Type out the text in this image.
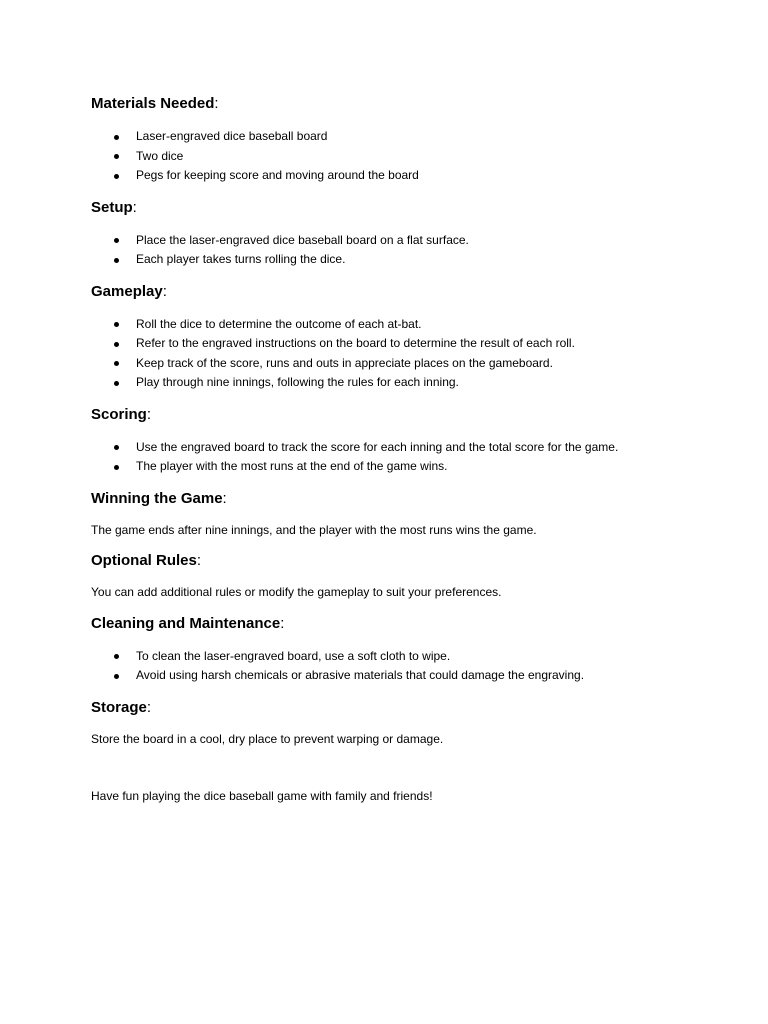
Materials Needed:
Laser-engraved dice baseball board
Two dice
Pegs for keeping score and moving around the board
Setup:
Place the laser-engraved dice baseball board on a flat surface.
Each player takes turns rolling the dice.
Gameplay:
Roll the dice to determine the outcome of each at-bat.
Refer to the engraved instructions on the board to determine the result of each roll.
Keep track of the score, runs and outs in appreciate places on the gameboard.
Play through nine innings, following the rules for each inning.
Scoring:
Use the engraved board to track the score for each inning and the total score for the game.
The player with the most runs at the end of the game wins.
Winning the Game:

The game ends after nine innings, and the player with the most runs wins the game.

Optional Rules:

You can add additional rules or modify the gameplay to suit your preferences.

Cleaning and Maintenance:
To clean the laser-engraved board, use a soft cloth to wipe.
Avoid using harsh chemicals or abrasive materials that could damage the engraving.
Storage:

Store the board in a cool, dry place to prevent warping or damage.

Have fun playing the dice baseball game with family and friends!
